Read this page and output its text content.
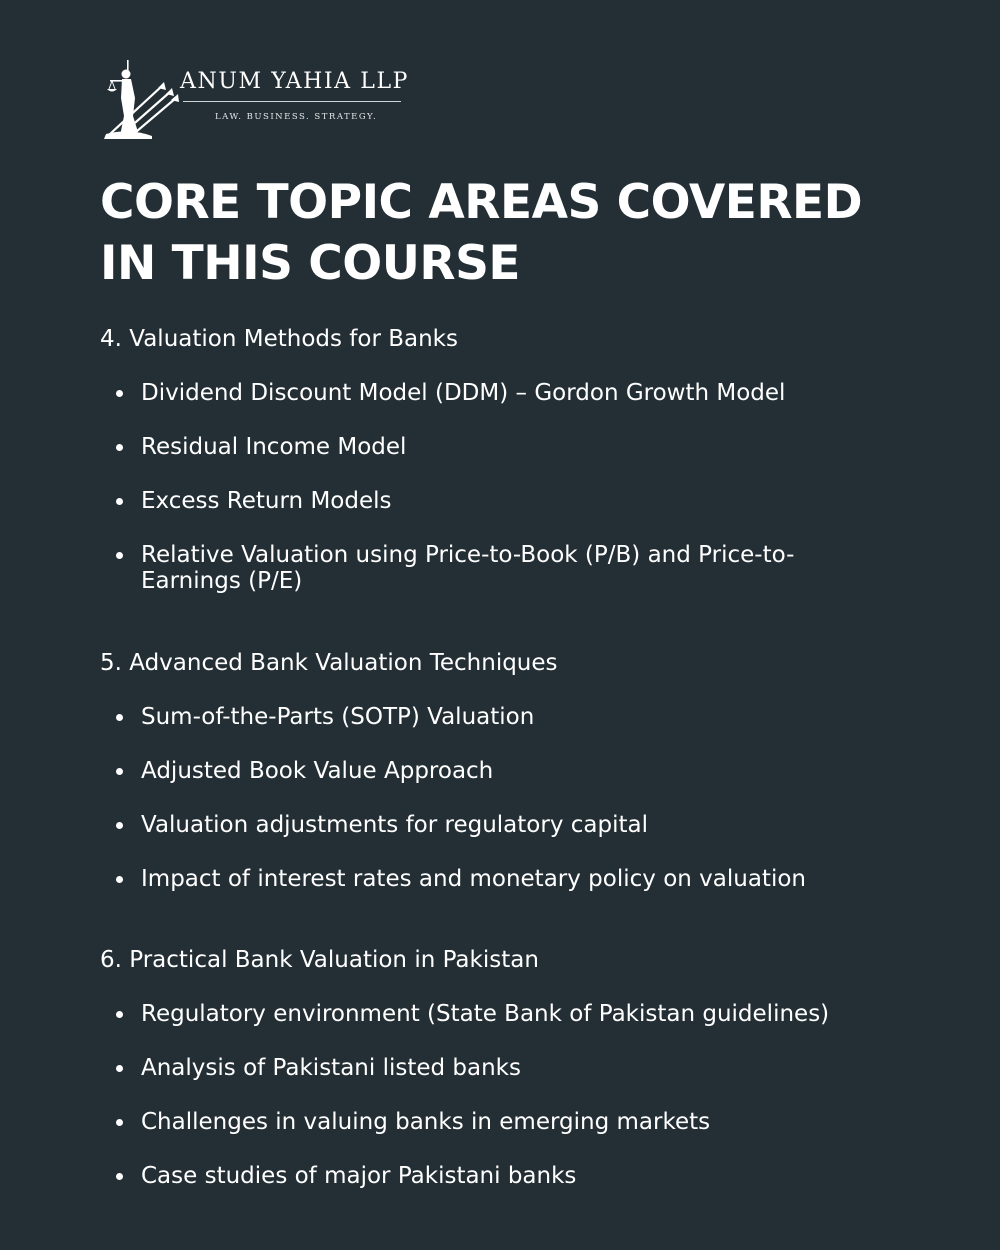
ANUM YAHIA LLP
LAW. BUSINESS. STRATEGY.
CORE TOPIC AREAS COVERED IN THIS COURSE
4. Valuation Methods for Banks
Dividend Discount Model (DDM) – Gordon Growth Model
Residual Income Model
Excess Return Models
Relative Valuation using Price-to-Book (P/B) and Price-to-Earnings (P/E)
5. Advanced Bank Valuation Techniques
Sum-of-the-Parts (SOTP) Valuation
Adjusted Book Value Approach
Valuation adjustments for regulatory capital
Impact of interest rates and monetary policy on valuation
6. Practical Bank Valuation in Pakistan
Regulatory environment (State Bank of Pakistan guidelines)
Analysis of Pakistani listed banks
Challenges in valuing banks in emerging markets
Case studies of major Pakistani banks
